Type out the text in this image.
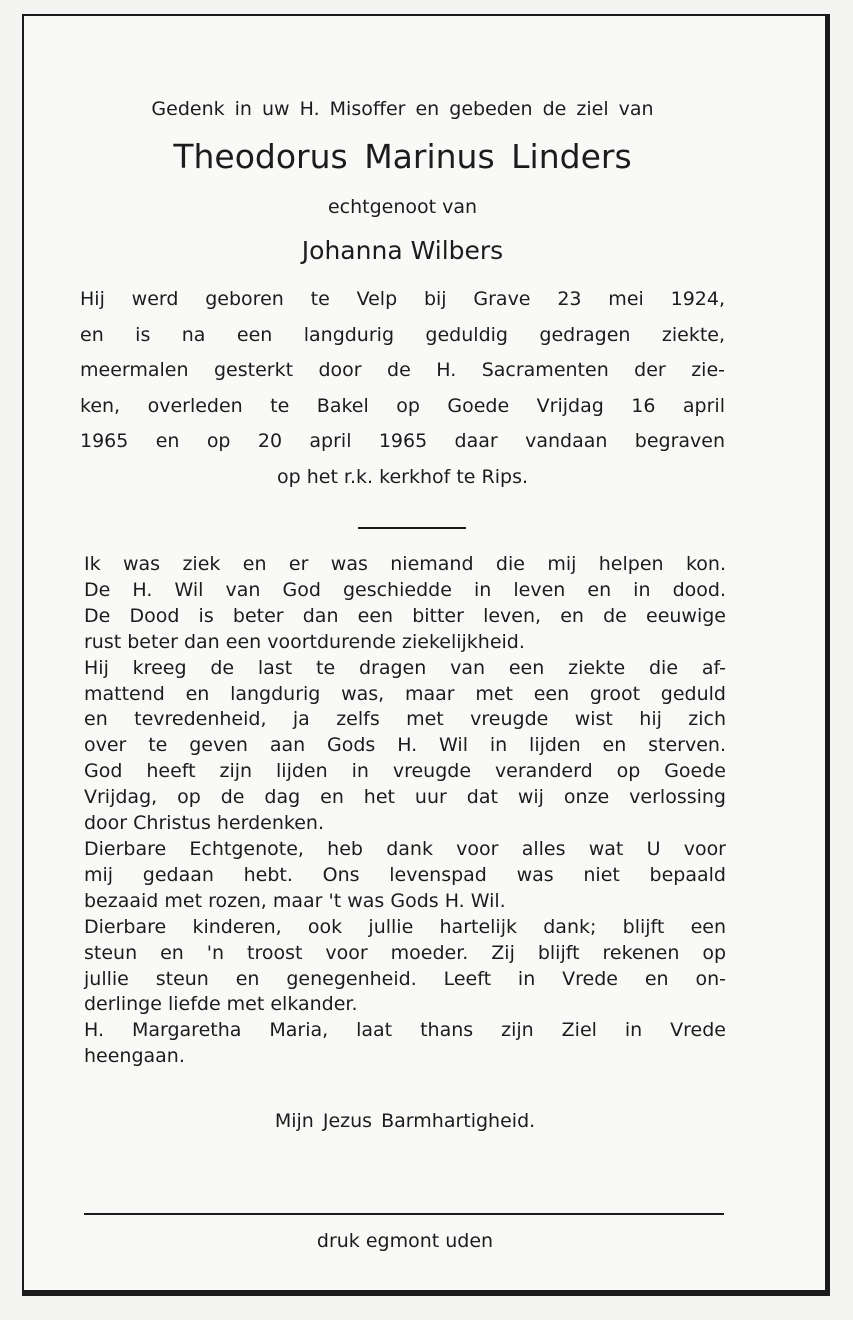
Gedenk in uw H. Misoffer en gebeden de ziel van
Theodorus Marinus Linders
echtgenoot van
Johanna Wilbers
Hij werd geboren te Velp bij Grave 23 mei 1924,
en is na een langdurig geduldig gedragen ziekte,
meermalen gesterkt door de H. Sacramenten der zie-
ken, overleden te Bakel op Goede Vrijdag 16 april
1965 en op 20 april 1965 daar vandaan begraven
op het r.k. kerkhof te Rips.
Ik was ziek en er was niemand die mij helpen kon.
De H. Wil van God geschiedde in leven en in dood.
De Dood is beter dan een bitter leven, en de eeuwige
rust beter dan een voortdurende ziekelijkheid.
Hij kreeg de last te dragen van een ziekte die af-
mattend en langdurig was, maar met een groot geduld
en tevredenheid, ja zelfs met vreugde wist hij zich
over te geven aan Gods H. Wil in lijden en sterven.
God heeft zijn lijden in vreugde veranderd op Goede
Vrijdag, op de dag en het uur dat wij onze verlossing
door Christus herdenken.
Dierbare Echtgenote, heb dank voor alles wat U voor
mij gedaan hebt. Ons levenspad was niet bepaald
bezaaid met rozen, maar 't was Gods H. Wil.
Dierbare kinderen, ook jullie hartelijk dank; blijft een
steun en 'n troost voor moeder. Zij blijft rekenen op
jullie steun en genegenheid. Leeft in Vrede en on-
derlinge liefde met elkander.
H. Margaretha Maria, laat thans zijn Ziel in Vrede
heengaan.
Mijn Jezus Barmhartigheid.
druk egmont uden
